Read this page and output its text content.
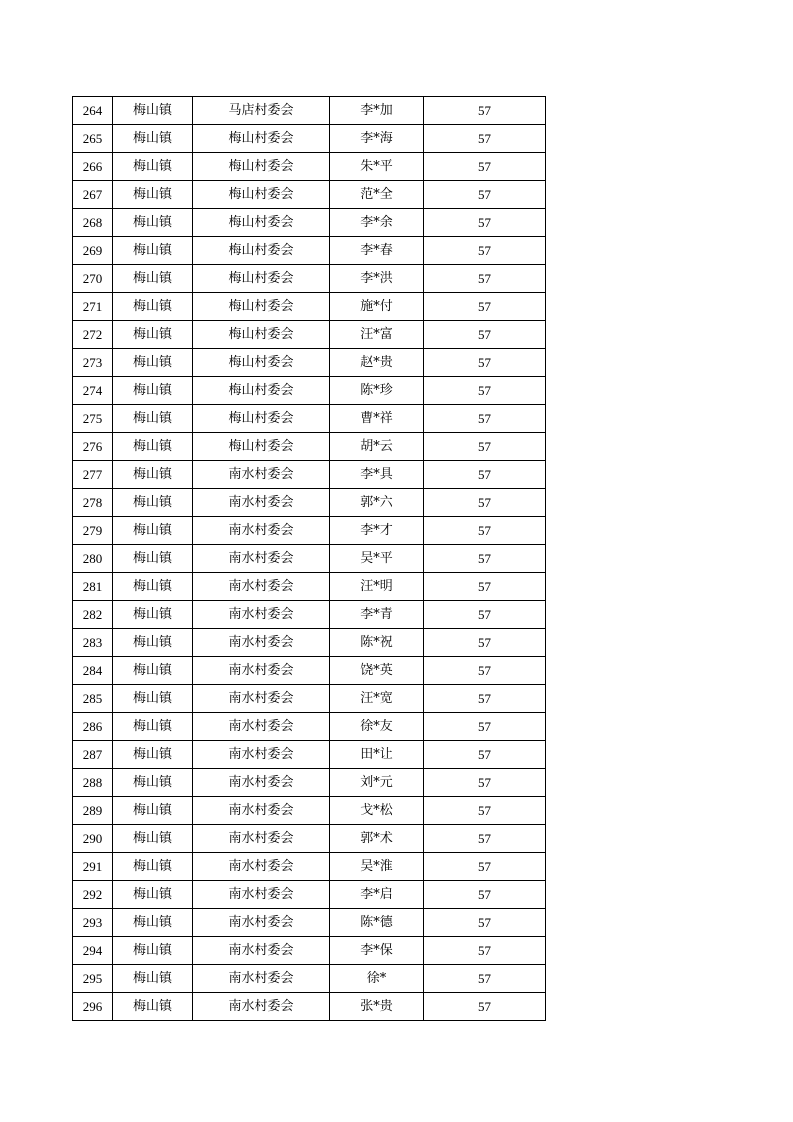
264	梅山镇	马店村委会	李*加	57
265	梅山镇	梅山村委会	李*海	57
266	梅山镇	梅山村委会	朱*平	57
267	梅山镇	梅山村委会	范*全	57
268	梅山镇	梅山村委会	李*余	57
269	梅山镇	梅山村委会	李*春	57
270	梅山镇	梅山村委会	李*洪	57
271	梅山镇	梅山村委会	施*付	57
272	梅山镇	梅山村委会	汪*富	57
273	梅山镇	梅山村委会	赵*贵	57
274	梅山镇	梅山村委会	陈*珍	57
275	梅山镇	梅山村委会	曹*祥	57
276	梅山镇	梅山村委会	胡*云	57
277	梅山镇	南水村委会	李*具	57
278	梅山镇	南水村委会	郭*六	57
279	梅山镇	南水村委会	李*才	57
280	梅山镇	南水村委会	吴*平	57
281	梅山镇	南水村委会	汪*明	57
282	梅山镇	南水村委会	李*青	57
283	梅山镇	南水村委会	陈*祝	57
284	梅山镇	南水村委会	饶*英	57
285	梅山镇	南水村委会	汪*宽	57
286	梅山镇	南水村委会	徐*友	57
287	梅山镇	南水村委会	田*让	57
288	梅山镇	南水村委会	刘*元	57
289	梅山镇	南水村委会	戈*松	57
290	梅山镇	南水村委会	郭*术	57
291	梅山镇	南水村委会	吴*淮	57
292	梅山镇	南水村委会	李*启	57
293	梅山镇	南水村委会	陈*德	57
294	梅山镇	南水村委会	李*保	57
295	梅山镇	南水村委会	徐*	57
296	梅山镇	南水村委会	张*贵	57
